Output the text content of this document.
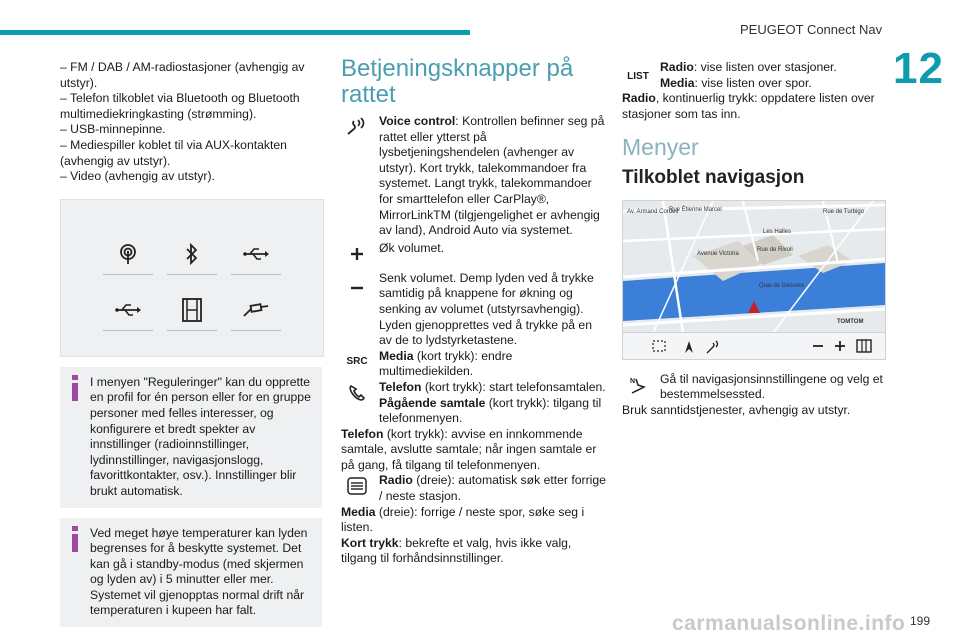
PEUGEOT Connect Nav
12

– FM / DAB / AM-radiostasjoner (avhengig av utstyr).

– Telefon tilkoblet via Bluetooth og Bluetooth multimediekringkasting (strømming).

– USB-minnepinne.

– Mediespiller koblet til via AUX-kontakten (avhengig av utstyr).

– Video (avhengig av utstyr).

I menyen "Reguleringer" kan du opprette en profil for én person eller for en gruppe personer med felles interesser, og konfigurere et bredt spekter av innstillinger (radioinnstillinger, lydinnstillinger, navigasjonslogg, favorittkontakter, osv.). Innstillinger blir brukt automatisk.

Ved meget høye temperaturer kan lyden begrenses for å beskytte systemet. Det kan gå i standby-modus (med skjermen og lyden av) i 5 minutter eller mer. Systemet vil gjenopptas normal drift når temperaturen i kupeen har falt.

Betjeningsknapper på rattet

Voice control: Kontrollen befinner seg på rattet eller ytterst på lysbetjeningshendelen (avhenger av utstyr). Kort trykk, talekommandoer fra systemet. Langt trykk, talekommandoer for smarttelefon eller CarPlay®, MirrorLinkTM (tilgjengelighet er avhengig av land), Android Auto via systemet.

Øk volumet.

Senk volumet. Demp lyden ved å trykke samtidig på knappene for økning og senking av volumet (utstyrsavhengig). Lyden gjenopprettes ved å trykke på en av de to lydstyrketastene.

SRC Media (kort trykk): endre multimediekilden.

Telefon (kort trykk): start telefonsamtalen.
Pågående samtale (kort trykk): tilgang til telefonmenyen.

Telefon (kort trykk): avvise en innkommende samtale, avslutte samtale; når ingen samtale er på gang, få tilgang til telefonmenyen.

Radio (dreie): automatisk søk etter forrige / neste stasjon.

Media (dreie): forrige / neste spor, søke seg i listen.

Kort trykk: bekrefte et valg, hvis ikke valg, tilgang til forhåndsinnstillinger.

LIST

Radio: vise listen over stasjoner.
Media: vise listen over spor.

Radio, kontinuerlig trykk: oppdatere listen over stasjoner som tas inn.

Menyer
Tilkoblet navigasjon
Av. Armand Cordeil
Rue Étienne Marcel	Rue de Turbigo
Les Halles
Rue de Rivoli
Avenue Victoria
Quai de Gesvres
TOMTOM
N Gå til navigasjonsinnstillingene og velg et bestemmelsessted.

Bruk sanntidstjenester, avhengig av utstyr.

carmanualsonline.info 199
